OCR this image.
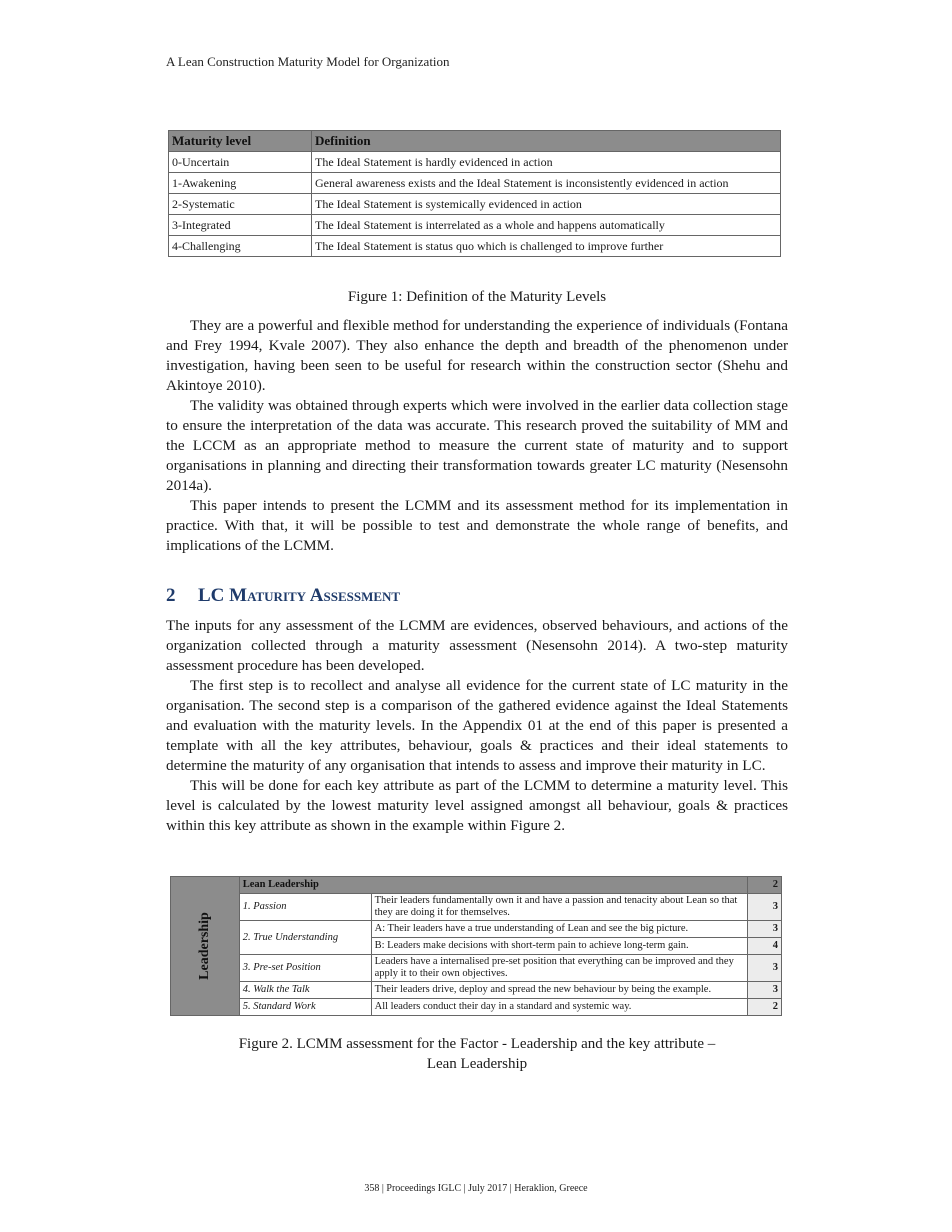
A Lean Construction Maturity Model for Organization
Maturity level	Definition
0-Uncertain	The Ideal Statement is hardly evidenced in action
1-Awakening	General awareness exists and the Ideal Statement is inconsistently evidenced in action
2-Systematic	The Ideal Statement is systemically evidenced in action
3-Integrated	The Ideal Statement is interrelated as a whole and happens automatically
4-Challenging	The Ideal Statement is status quo which is challenged to improve further
Figure 1: Definition of the Maturity Levels

They are a powerful and flexible method for understanding the experience of individuals (Fontana and Frey 1994, Kvale 2007). They also enhance the depth and breadth of the phenomenon under investigation, having been seen to be useful for research within the construction sector (Shehu and Akintoye 2010).

The validity was obtained through experts which were involved in the earlier data collection stage to ensure the interpretation of the data was accurate. This research proved the suitability of MM and the LCCM as an appropriate method to measure the current state of maturity and to support organisations in planning and directing their transformation towards greater LC maturity (Nesensohn 2014a).

This paper intends to present the LCMM and its assessment method for its implementation in practice. With that, it will be possible to test and demonstrate the whole range of benefits, and implications of the LCMM.

2 LC Maturity Assessment

The inputs for any assessment of the LCMM are evidences, observed behaviours, and actions of the organization collected through a maturity assessment (Nesensohn 2014). A two-step maturity assessment procedure has been developed.

The first step is to recollect and analyse all evidence for the current state of LC maturity in the organisation. The second step is a comparison of the gathered evidence against the Ideal Statements and evaluation with the maturity levels. In the Appendix 01 at the end of this paper is presented a template with all the key attributes, behaviour, goals & practices and their ideal statements to determine the maturity of any organisation that intends to assess and improve their maturity in LC.

This will be done for each key attribute as part of the LCMM to determine a maturity level. This level is calculated by the lowest maturity level assigned amongst all behaviour, goals & practices within this key attribute as shown in the example within Figure 2.

Leadership	Lean Leadership		2
	1. Passion	Their leaders fundamentally own it and have a passion and tenacity about Lean so that they are doing it for themselves.	3
	2. True Understanding	A: Their leaders have a true understanding of Lean and see the big picture.	3
		B: Leaders make decisions with short-term pain to achieve long-term gain.	4
	3. Pre-set Position	Leaders have a internalised pre-set position that everything can be improved and they apply it to their own objectives.	3
	4. Walk the Talk	Their leaders drive, deploy and spread the new behaviour by being the example.	3
	5. Standard Work	All leaders conduct their day in a standard and systemic way.	2
Figure 2. LCMM assessment for the Factor - Leadership and the key attribute –
Lean Leadership
358 | Proceedings IGLC | July 2017 | Heraklion, Greece
